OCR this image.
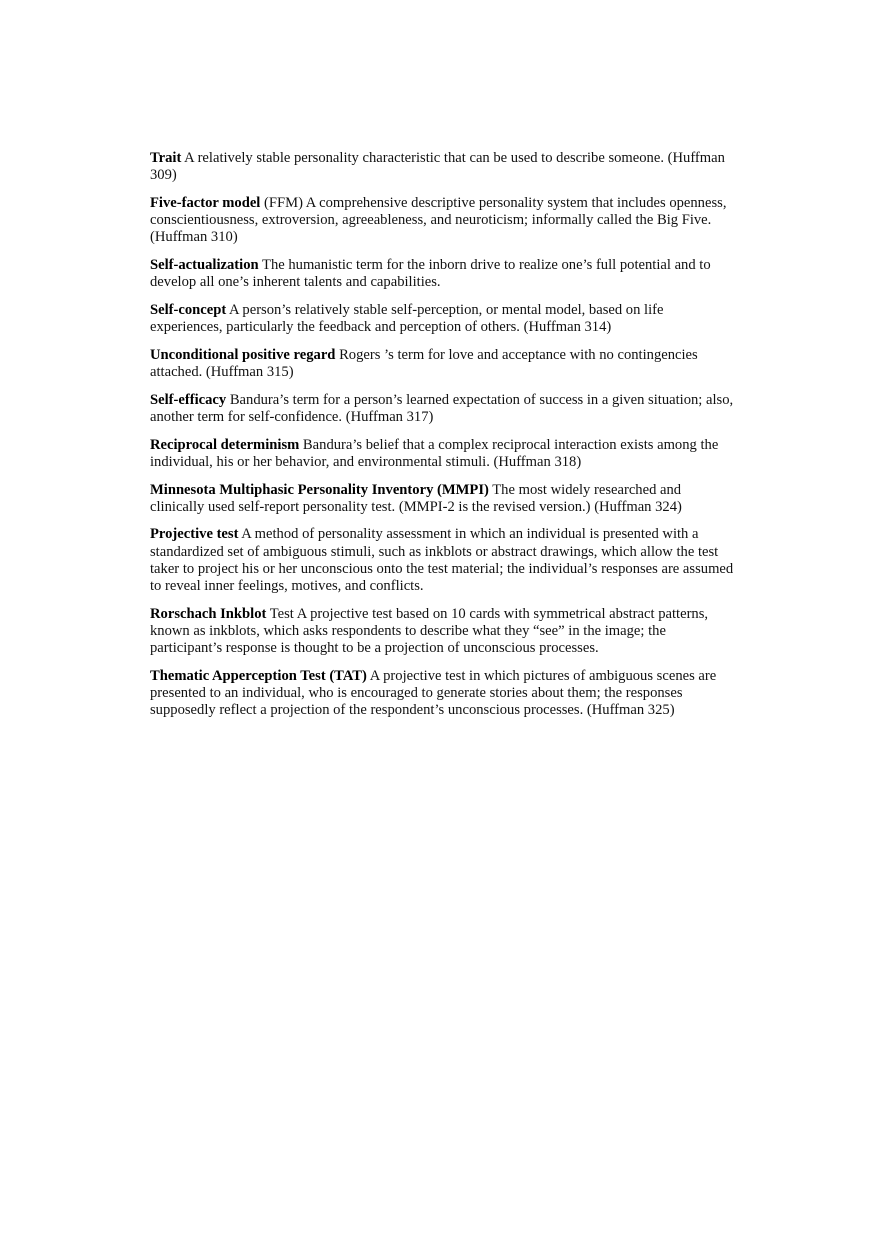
Trait A relatively stable personality characteristic that can be used to describe someone. (Huffman 309)

Five-factor model (FFM) A comprehensive descriptive personality system that includes openness, conscientiousness, extroversion, agreeableness, and neuroticism; informally called the Big Five. (Huffman 310)

Self-actualization The humanistic term for the inborn drive to realize one’s full potential and to develop all one’s inherent talents and capabilities.

Self-concept A person’s relatively stable self-perception, or mental model, based on life experiences, particularly the feedback and perception of others. (Huffman 314)

Unconditional positive regard Rogers ’s term for love and acceptance with no contingencies attached. (Huffman 315)

Self-efficacy Bandura’s term for a person’s learned expectation of success in a given situation; also, another term for self-confidence. (Huffman 317)

Reciprocal determinism Bandura’s belief that a complex reciprocal interaction exists among the individual, his or her behavior, and environmental stimuli. (Huffman 318)

Minnesota Multiphasic Personality Inventory (MMPI) The most widely researched and clinically used self-report personality test. (MMPI-2 is the revised version.) (Huffman 324)

Projective test A method of personality assessment in which an individual is presented with a standardized set of ambiguous stimuli, such as inkblots or abstract drawings, which allow the test taker to project his or her unconscious onto the test material; the individual’s responses are assumed to reveal inner feelings, motives, and conflicts.

Rorschach Inkblot Test A projective test based on 10 cards with symmetrical abstract patterns, known as inkblots, which asks respondents to describe what they “see” in the image; the participant’s response is thought to be a projection of unconscious processes.

Thematic Apperception Test (TAT) A projective test in which pictures of ambiguous scenes are presented to an individual, who is encouraged to generate stories about them; the responses supposedly reflect a projection of the respondent’s unconscious processes. (Huffman 325)
